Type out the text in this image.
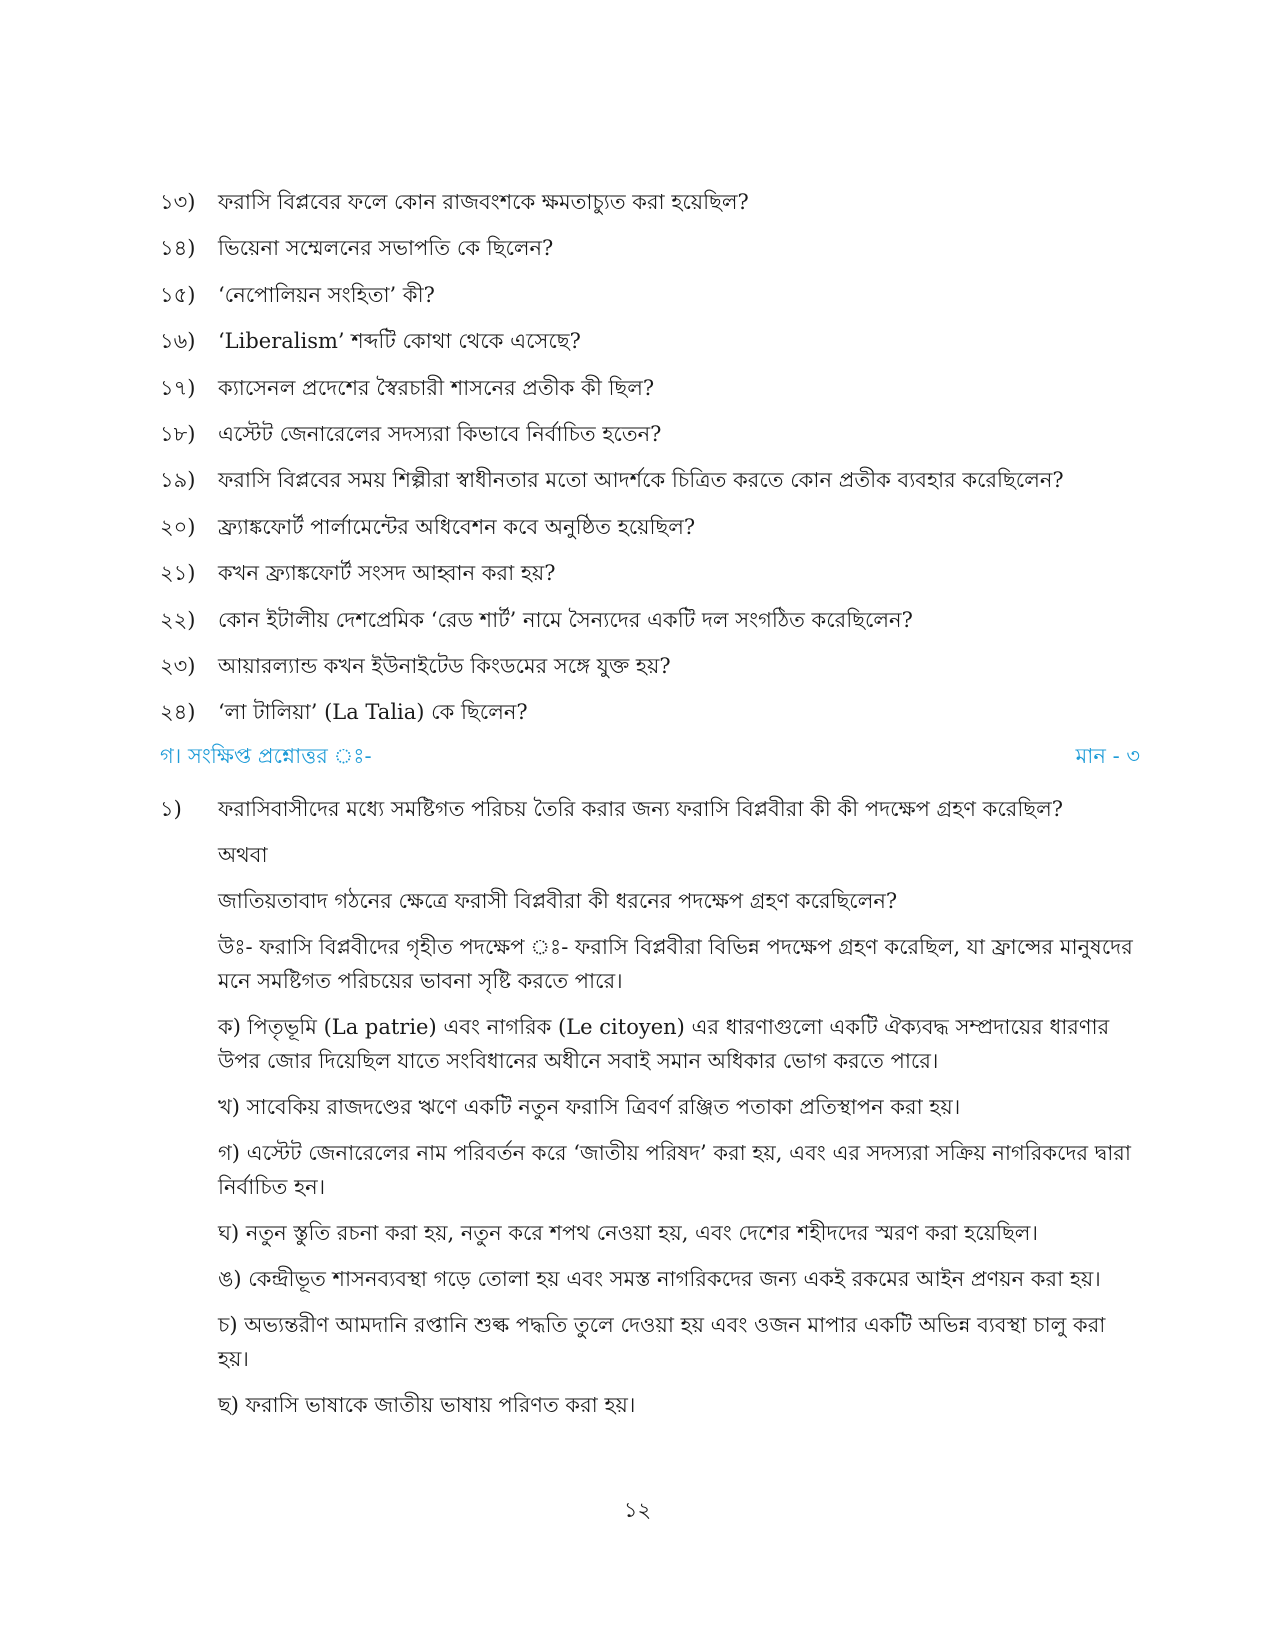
১৩)	ফরাসি বিপ্লবের ফলে কোন রাজবংশকে ক্ষমতাচ্যুত করা হয়েছিল?
১৪)	ভিয়েনা সম্মেলনের সভাপতি কে ছিলেন?
১৫)	‘নেপোলিয়ন সংহিতা’ কী?
১৬)	‘Liberalism’ শব্দটি কোথা থেকে এসেছে?
১৭)	ক্যাসেনল প্রদেশের স্বৈরচারী শাসনের প্রতীক কী ছিল?
১৮)	এস্টেট জেনারেলের সদস্যরা কিভাবে নির্বাচিত হতেন?
১৯)	ফরাসি বিপ্লবের সময় শিল্পীরা স্বাধীনতার মতো আদর্শকে চিত্রিত করতে কোন প্রতীক ব্যবহার করেছিলেন?
২০)	ফ্র্যাঙ্কফোর্ট পার্লামেন্টের অধিবেশন কবে অনুষ্ঠিত হয়েছিল?
২১)	কখন ফ্র্যাঙ্কফোর্ট সংসদ আহ্বান করা হয়?
২২)	কোন ইটালীয় দেশপ্রেমিক ‘রেড শার্ট’ নামে সৈন্যদের একটি দল সংগঠিত করেছিলেন?
২৩)	আয়ারল্যান্ড কখন ইউনাইটেড কিংডমের সঙ্গে যুক্ত হয়?
২৪)	‘লা টালিয়া’ (La Talia) কে ছিলেন?
গ। সংক্ষিপ্ত প্রশ্নোত্তর ঃ-	মান - ৩
১)	ফরাসিবাসীদের মধ্যে সমষ্টিগত পরিচয় তৈরি করার জন্য ফরাসি বিপ্লবীরা কী কী পদক্ষেপ গ্রহণ করেছিল?

অথবা

জাতিয়তাবাদ গঠনের ক্ষেত্রে ফরাসী বিপ্লবীরা কী ধরনের পদক্ষেপ গ্রহণ করেছিলেন?

উঃ- ফরাসি বিপ্লবীদের গৃহীত পদক্ষেপ ঃ- ফরাসি বিপ্লবীরা বিভিন্ন পদক্ষেপ গ্রহণ করেছিল, যা ফ্রান্সের মানুষদের মনে সমষ্টিগত পরিচয়ের ভাবনা সৃষ্টি করতে পারে।

ক) পিতৃভূমি (La patrie) এবং নাগরিক (Le citoyen) এর ধারণাগুলো একটি ঐক্যবদ্ধ সম্প্রদায়ের ধারণার উপর জোর দিয়েছিল যাতে সংবিধানের অধীনে সবাই সমান অধিকার ভোগ করতে পারে।

খ) সাবেকিয় রাজদণ্ডের ঋণে একটি নতুন ফরাসি ত্রিবর্ণ রঞ্জিত পতাকা প্রতিস্থাপন করা হয়।

গ) এস্টেট জেনারেলের নাম পরিবর্তন করে ‘জাতীয় পরিষদ’ করা হয়, এবং এর সদস্যরা সক্রিয় নাগরিকদের দ্বারা নির্বাচিত হন।

ঘ) নতুন স্তুতি রচনা করা হয়, নতুন করে শপথ নেওয়া হয়, এবং দেশের শহীদদের স্মরণ করা হয়েছিল।

ঙ) কেন্দ্রীভূত শাসনব্যবস্থা গড়ে তোলা হয় এবং সমস্ত নাগরিকদের জন্য একই রকমের আইন প্রণয়ন করা হয়।

চ) অভ্যন্তরীণ আমদানি রপ্তানি শুল্ক পদ্ধতি তুলে দেওয়া হয় এবং ওজন মাপার একটি অভিন্ন ব্যবস্থা চালু করা হয়।

ছ) ফরাসি ভাষাকে জাতীয় ভাষায় পরিণত করা হয়।

১২
